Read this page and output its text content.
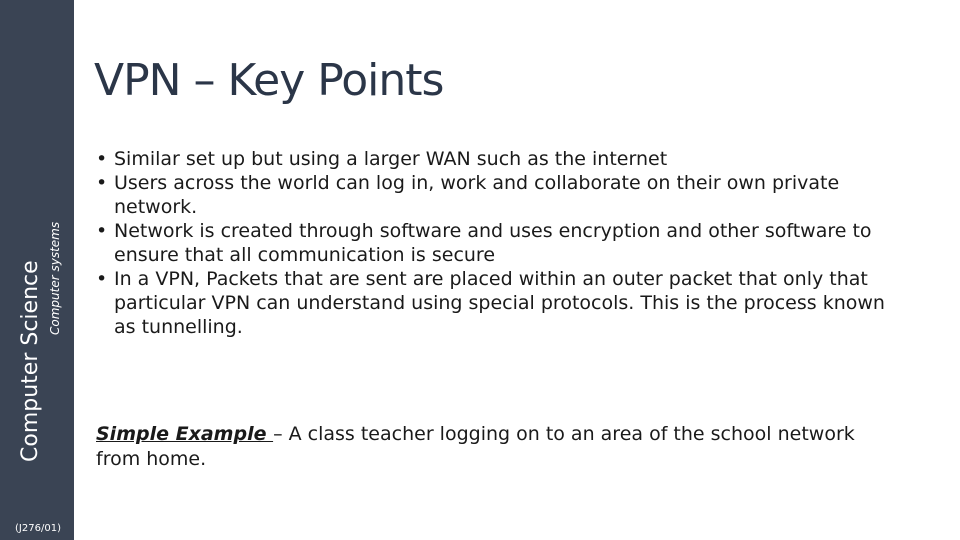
Computer Science Computer systems
(J276/01)
VPN – Key Points
• Similar set up but using a larger WAN such as the internet
• Users across the world can log in, work and collaborate on their own private network.
• Network is created through software and uses encryption and other software to ensure that all communication is secure
• In a VPN, Packets that are sent are placed within an outer packet that only that particular VPN can understand using special protocols. This is the process known as tunnelling.

Simple Example – A class teacher logging on to an area of the school network from home.
